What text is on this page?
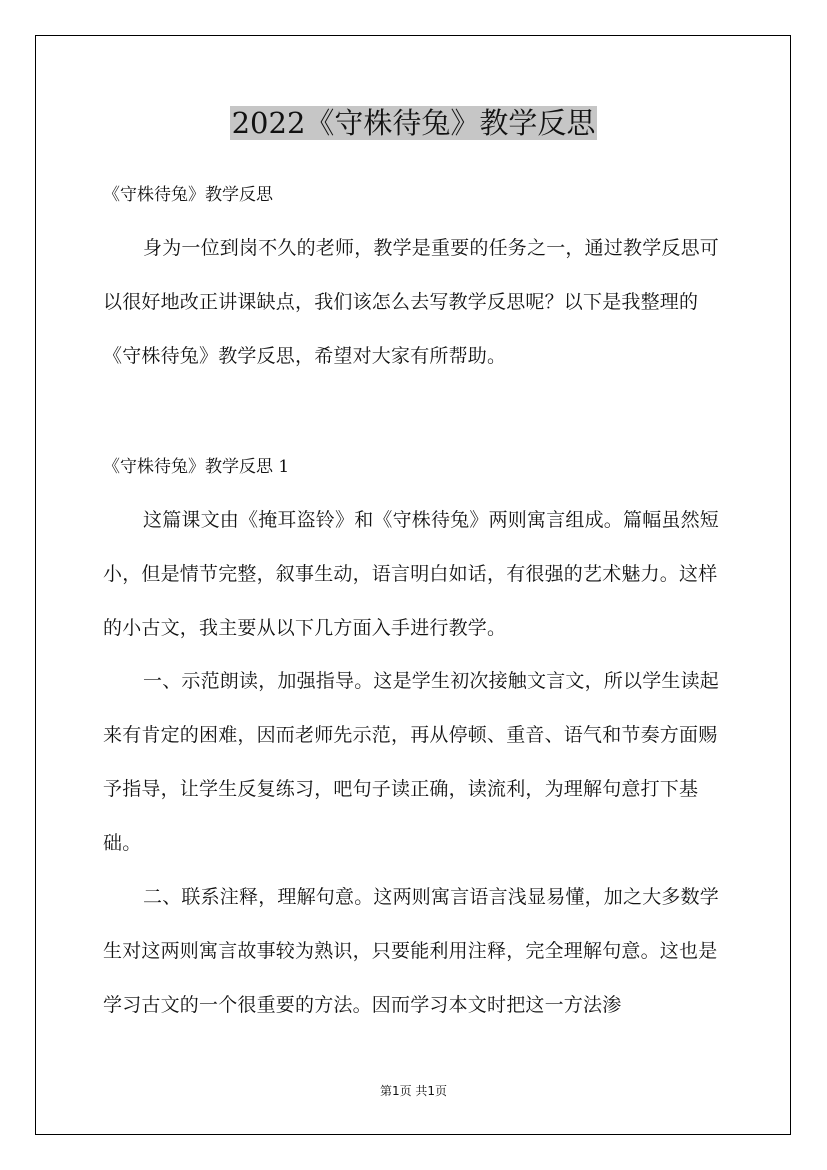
2022《守株待兔》教学反思

《守株待兔》教学反思

身为一位到岗不久的老师，教学是重要的任务之一，通过教学反思可以很好地改正讲课缺点，我们该怎么去写教学反思呢？以下是我整理的《守株待兔》教学反思，希望对大家有所帮助。

《守株待兔》教学反思 1

这篇课文由《掩耳盗铃》和《守株待兔》两则寓言组成。篇幅虽然短小，但是情节完整，叙事生动，语言明白如话，有很强的艺术魅力。这样的小古文，我主要从以下几方面入手进行教学。

一、示范朗读，加强指导。这是学生初次接触文言文，所以学生读起来有肯定的困难，因而老师先示范，再从停顿、重音、语气和节奏方面赐予指导，让学生反复练习，吧句子读正确，读流利，为理解句意打下基础。

二、联系注释，理解句意。这两则寓言语言浅显易懂，加之大多数学生对这两则寓言故事较为熟识，只要能利用注释，完全理解句意。这也是学习古文的一个很重要的方法。因而学习本文时把这一方法渗

第1页 共1页
